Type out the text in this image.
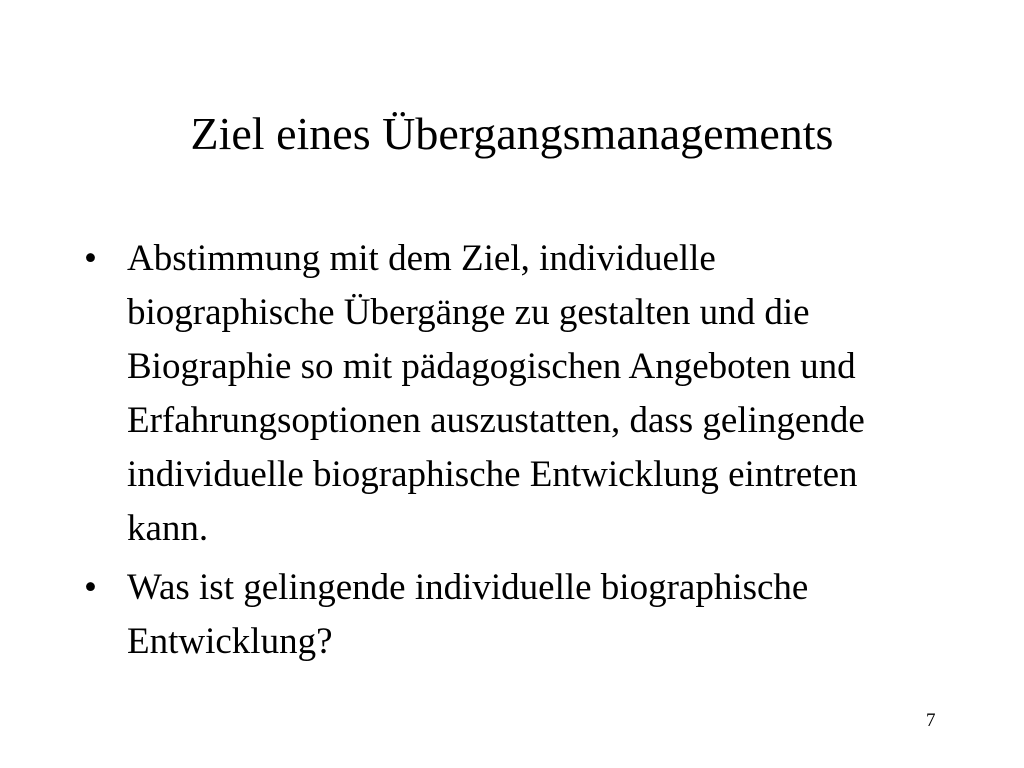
Ziel eines Übergangsmanagements
• Abstimmung mit dem Ziel, individuelle biographische Übergänge zu gestalten und die Biographie so mit pädagogischen Angeboten und Erfahrungsoptionen auszustatten, dass gelingende individuelle biographische Entwicklung eintreten kann.
• Was ist gelingende individuelle biographische Entwicklung?
7
